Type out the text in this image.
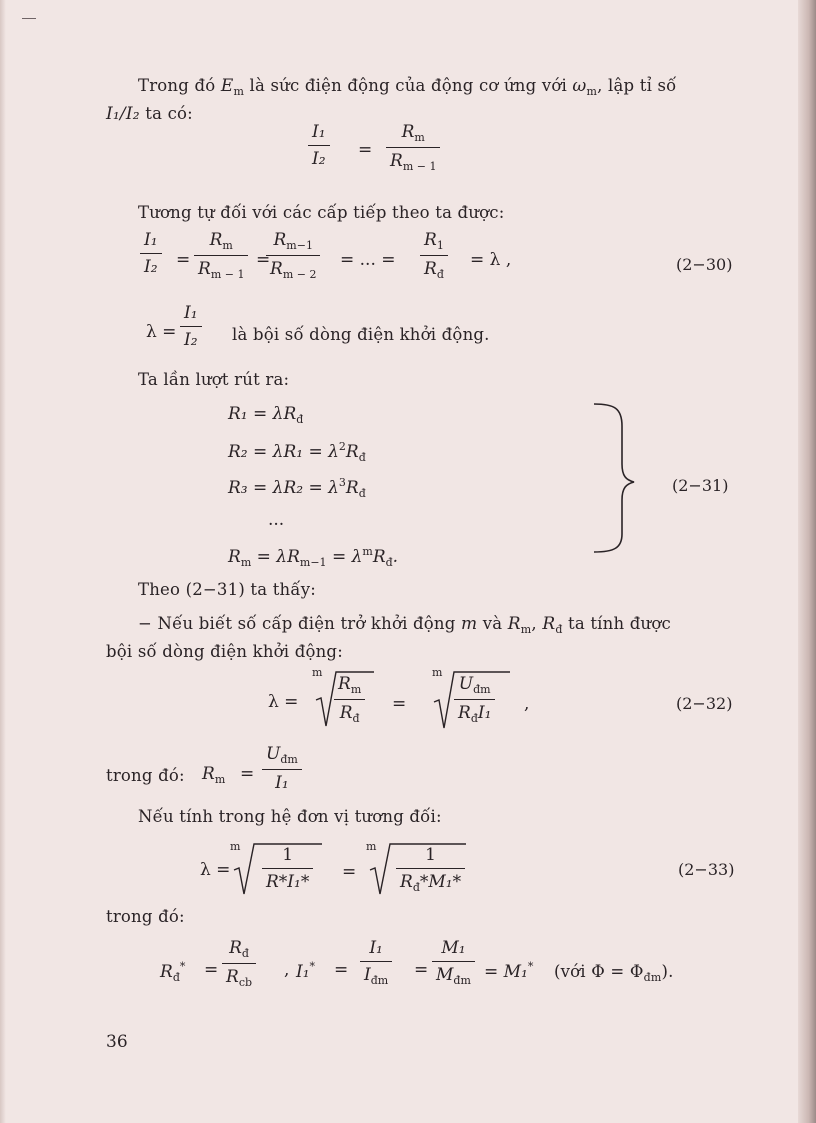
Trong đó $E_m$ là sức điện động của động cơ ứng với $\omega_m$, lập tỉ số
I₁/I₂ ta có:
I₁
I₂ =
$R_m$
$R_{m - 1}$
Tương tự đối với các cấp tiếp theo ta được:
I₁
I₂ =
$R_m$
$R_{m - 1}$
=
$R_{m-1}$
$R_{m - 2}$
= ... =
$R_1$
$R_đ$
= λ ,	(2−30)
λ =
I₁
I₂ là bội số dòng điện khởi động.
Ta lần lượt rút ra:
$R_1 = \lambda R_đ$
$R_2 = \lambda R_1 = \lambda^2R_đ$
$R_3 = \lambda R_2 = \lambda^3R_đ$
...
$R_m = \lambda R_{m-1} = \lambda^mR_đ$.
(2−31)
Theo (2−31) ta thấy:
− Nếu biết số cấp điện trở khởi động m và $R_m$, $R_đ$ ta tính được
bội số dòng điện khởi động:
λ =
m
$R_m$
$R_đ$
=
m
$U_{đm}$
$R_đI_1$ ,	(2−32)
trong đó: $R_m$ =
$U_{đm}$
I₁
Nếu tính trong hệ đơn vị tương đối:
λ =
m	1
R*I₁* =
m	1
$R_đ*M_1*$
(2−33)
trong đó:
$R_đ^*$ =
$R_đ$
$R_{cb}$
, I₁* =
I₁
$I_{đm}$
=
M₁
$M_{đm} = M_1^*$ (với $\Phi = \Phi_{đm}$).
36
